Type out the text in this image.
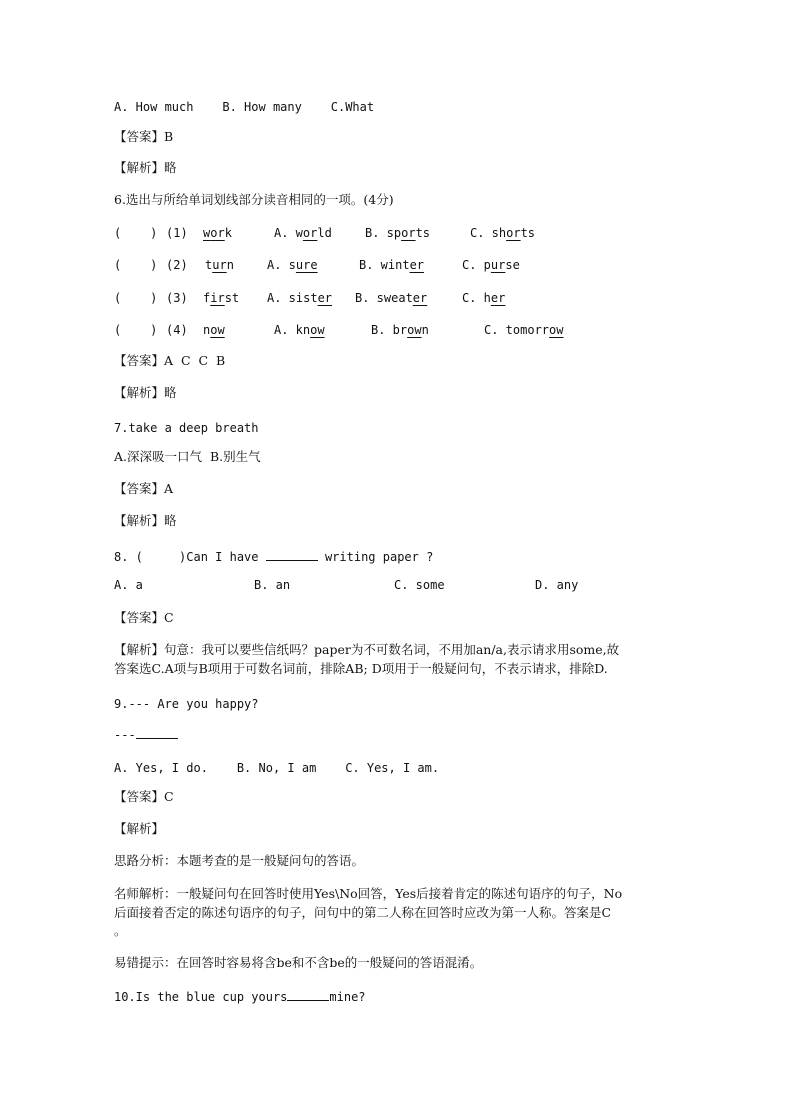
A. How much    B. How many    C.What
【答案】B
【解析】略
6.选出与所给单词划线部分读音相同的一项。(4分)
(    ) (1) work	A. world	B. sports	C. shorts
(    ) (2) turn	A. sure	B. winter	C. purse
(    ) (3) first A. sister B. sweater	C. her
(    ) (4) now	A. know	B. brown	C. tomorrow
【答案】A  C  C  B
【解析】略
7.take a deep breath
A.深深吸一口气  B.别生气
【答案】A
【解析】略
8. (     )Can I have	writing paper ?
A. a	B. an	C. some	D. any
【答案】C
【解析】句意：我可以要些信纸吗？paper为不可数名词，不用加an/a,表示请求用some,故
答案选C.A项与B项用于可数名词前，排除AB; D项用于一般疑问句，不表示请求，排除D.
9.--- Are you happy?
---
A. Yes, I do.    B. No, I am    C. Yes, I am.
【答案】C
【解析】
思路分析：本题考查的是一般疑问句的答语。
名师解析：一般疑问句在回答时使用Yes\No回答，Yes后接着肯定的陈述句语序的句子，No
后面接着否定的陈述句语序的句子，问句中的第二人称在回答时应改为第一人称。答案是C
。
易错提示：在回答时容易将含be和不含be的一般疑问的答语混淆。
10.Is the blue cup yours	mine?
